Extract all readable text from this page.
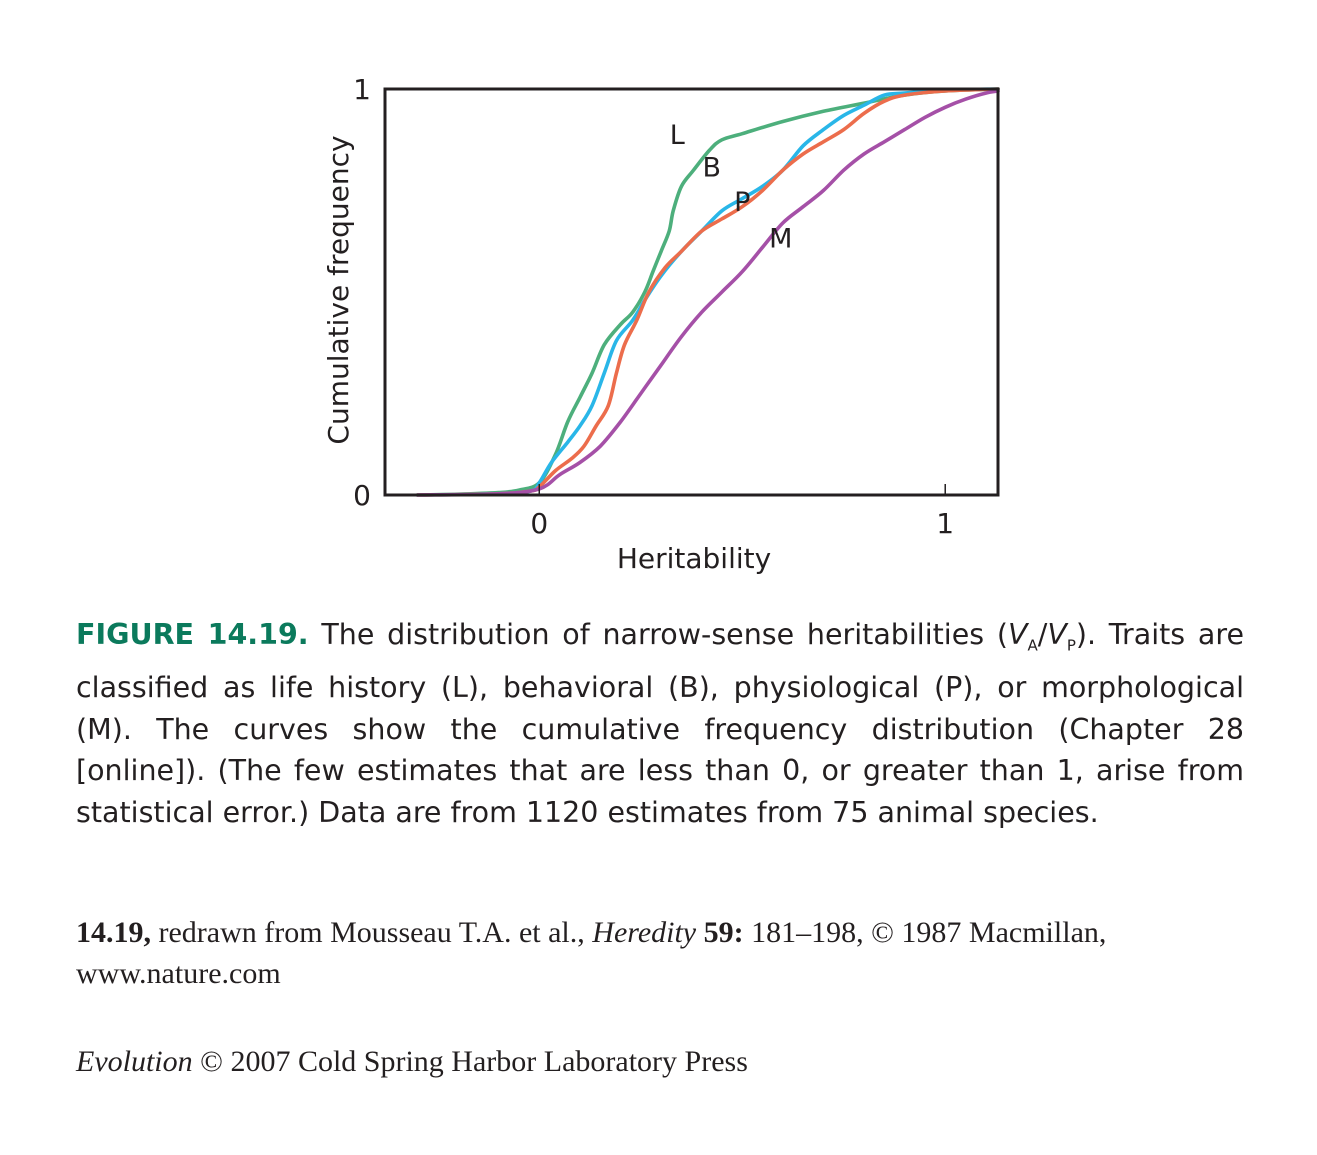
L
B
P
M
0	1
0
1
Cumulative frequency
Heritability

FIGURE 14.19. The distribution of narrow-sense heritabilities $(V_A/V_P)$. Traits are classified as life history (L), behavioral (B), physiological (P), or morphological (M). The curves show the cumulative frequency distribution (Chapter 28 [online]). (The few estimates that are less than 0, or greater than 1, arise from statistical error.) Data are from 1120 estimates from 75 animal species.

14.19, redrawn from Mousseau T.A. et al., Heredity 59: 181–198, © 1987 Macmillan, www.nature.com

Evolution © 2007 Cold Spring Harbor Laboratory Press
